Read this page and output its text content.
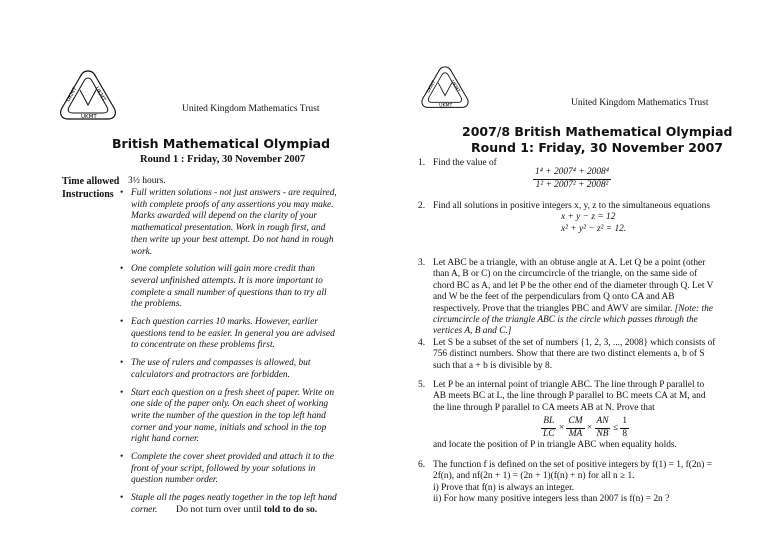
UKMT	UKMT
UKMT
United Kingdom Mathematics Trust
British Mathematical Olympiad
Round 1 : Friday, 30 November 2007
Time allowed 3½ hours.
Instructions
•	Full written solutions - not just answers - are required, with complete proofs of any assertions you may make. Marks awarded will depend on the clarity of your mathematical presentation. Work in rough first, and then write up your best attempt. Do not hand in rough work.
• One complete solution will gain more credit than several unfinished attempts. It is more important to complete a small number of questions than to try all the problems.
• Each question carries 10 marks. However, earlier questions tend to be easier. In general you are advised to concentrate on these problems first.
• The use of rulers and compasses is allowed, but calculators and protractors are forbidden.
• Start each question on a fresh sheet of paper. Write on one side of the paper only. On each sheet of working write the number of the question in the top left hand corner and your name, initials and school in the top right hand corner.
• Complete the cover sheet provided and attach it to the front of your script, followed by your solutions in question number order.
• Staple all the pages neatly together in the top left hand corner.	Do not turn over until told to do so.
UKMT UKMT
UKMT	United Kingdom Mathematics Trust
2007/8 British Mathematical Olympiad
Round 1: Friday, 30 November 2007
1. Find the value of
$\frac{\text{1⁴ + 2007⁴ + 2008⁴}}{\text{1² + 2007² + 2008²}}$
2. Find all solutions in positive integers x, y, z to the simultaneous equations
x + y − z = 12
x² + y² − z² = 12.
3. Let ABC be a triangle, with an obtuse angle at A. Let Q be a point (other than A, B or C) on the circumcircle of the triangle, on the same side of chord BC as A, and let P be the other end of the diameter through Q. Let V and W be the feet of the perpendiculars from Q onto CA and AB respectively. Prove that the triangles PBC and AWV are similar. [Note: the circumcircle of the triangle ABC is the circle which passes through the vertices A, B and C.]
4. Let S be a subset of the set of numbers {1, 2, 3, ..., 2008} which consists of 756 distinct numbers. Show that there are two distinct elements a, b of S such that a + b is divisible by 8.
5. Let P be an internal point of triangle ABC. The line through P parallel to AB meets BC at L, the line through P parallel to BC meets CA at M, and the line through P parallel to CA meets AB at N. Prove that
$\frac{BL}{LC} \times \frac{CM}{MA} \times \frac{AN}{NB} \le \frac{1}{8}$
and locate the position of P in triangle ABC when equality holds.
6. The function f is defined on the set of positive integers by f(1) = 1, f(2n) = 2f(n), and nf(2n + 1) = (2n + 1)(f(n) + n) for all n ≥ 1.
i) Prove that f(n) is always an integer.
ii) For how many positive integers less than 2007 is f(n) = 2n ?
